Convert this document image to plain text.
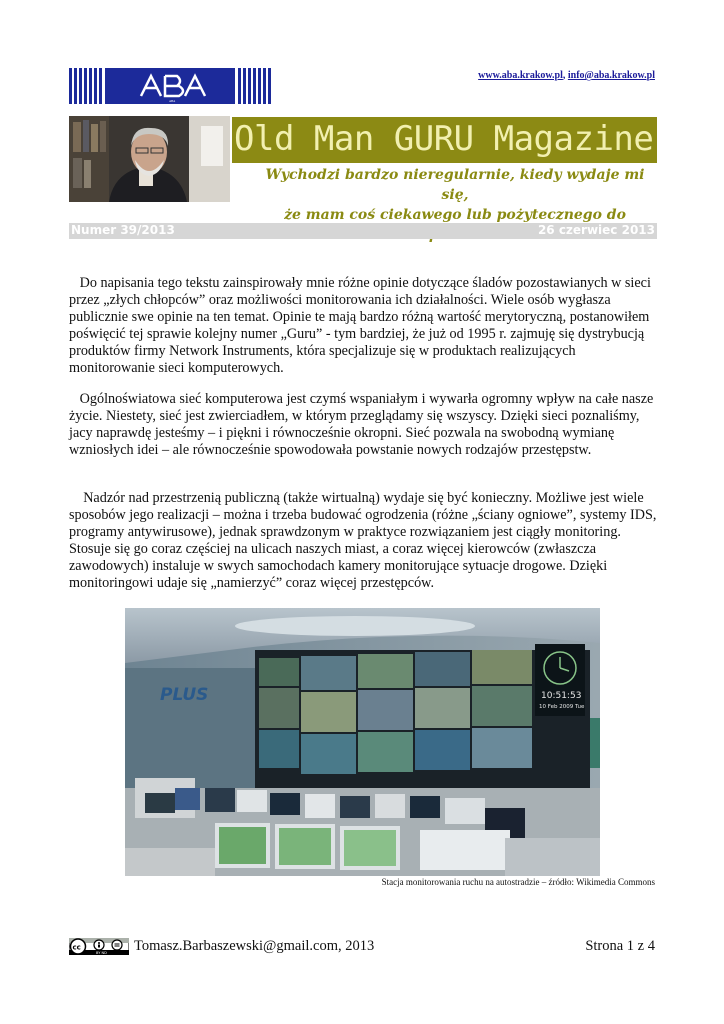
ABA
www.aba.krakow.pl, info@aba.krakow.pl
Old Man GURU Magazine
Wychodzi bardzo nieregularnie, kiedy wydaje mi się,
że mam coś ciekawego lub pożytecznego do
Numer 39/2013	26 czerwiec 2013

Do napisania tego tekstu zainspirowały mnie różne opinie dotyczące śladów pozostawianych w sieci przez „złych chłopców” oraz możliwości monitorowania ich działalności. Wiele osób wygłasza publicznie swe opinie na ten temat. Opinie te mają bardzo różną wartość merytoryczną, postanowiłem poświęcić tej sprawie kolejny numer „Guru” - tym bardziej, że już od 1995 r. zajmuję się dystrybucją produktów firmy Network Instruments, która specjalizuje się w produktach realizujących monitorowanie sieci komputerowych.

Ogólnoświatowa sieć komputerowa jest czymś wspaniałym i wywarła ogromny wpływ na całe nasze życie. Niestety, sieć jest zwierciadłem, w którym przeglądamy się wszyscy. Dzięki sieci poznaliśmy, jacy naprawdę jesteśmy – i piękni i równocześnie okropni. Sieć pozwala na swobodną wymianę wzniosłych idei – ale równocześnie spowodowała powstanie nowych rodzajów przestępstw.

Nadzór nad przestrzenią publiczną (także wirtualną) wydaje się być konieczny. Możliwe jest wiele sposobów jego realizacji – można i trzeba budować ogrodzenia (różne „ściany ogniowe”, systemy IDS, programy antywirusowe), jednak sprawdzonym w praktyce rozwiązaniem jest ciągły monitoring. Stosuje się go coraz częściej na ulicach naszych miast, a coraz więcej kierowców (zwłaszcza zawodowych) instaluje w swych samochodach kamery monitorujące sytuacje drogowe. Dzięki monitoringowi udaje się „namierzyć” coraz więcej przestępców.

PLUS	10:51:53
10 Feb 2009 Tue
Stacja monitorowania ruchu na autostradzie – źródło: Wikimedia Commons
cc
BY ND Tomasz.Barbaszewski@gmail.com, 2013	Strona 1 z 4
